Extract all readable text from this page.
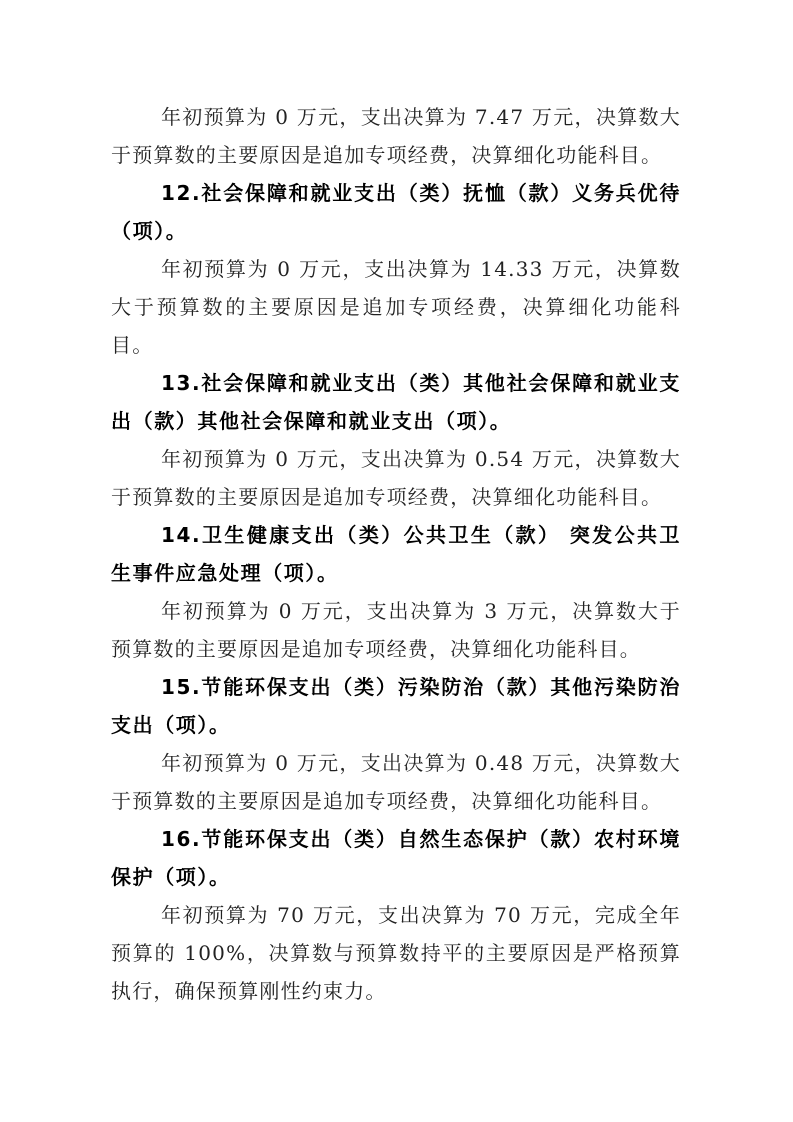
年初预算为 0 万元，支出决算为 7.47 万元，决算数大于预算数的主要原因是追加专项经费，决算细化功能科目。

12.社会保障和就业支出（类）抚恤（款）义务兵优待（项）。

年初预算为 0 万元，支出决算为 14.33 万元，决算数大于预算数的主要原因是追加专项经费，决算细化功能科目。

13.社会保障和就业支出（类）其他社会保障和就业支出（款）其他社会保障和就业支出（项）。

年初预算为 0 万元，支出决算为 0.54 万元，决算数大于预算数的主要原因是追加专项经费，决算细化功能科目。

14.卫生健康支出（类）公共卫生（款） 突发公共卫生事件应急处理（项）。

年初预算为 0 万元，支出决算为 3 万元，决算数大于预算数的主要原因是追加专项经费，决算细化功能科目。

15.节能环保支出（类）污染防治（款）其他污染防治支出（项）。

年初预算为 0 万元，支出决算为 0.48 万元，决算数大于预算数的主要原因是追加专项经费，决算细化功能科目。

16.节能环保支出（类）自然生态保护（款）农村环境保护（项）。

年初预算为 70 万元，支出决算为 70 万元，完成全年预算的 100%，决算数与预算数持平的主要原因是严格预算执行，确保预算刚性约束力。
